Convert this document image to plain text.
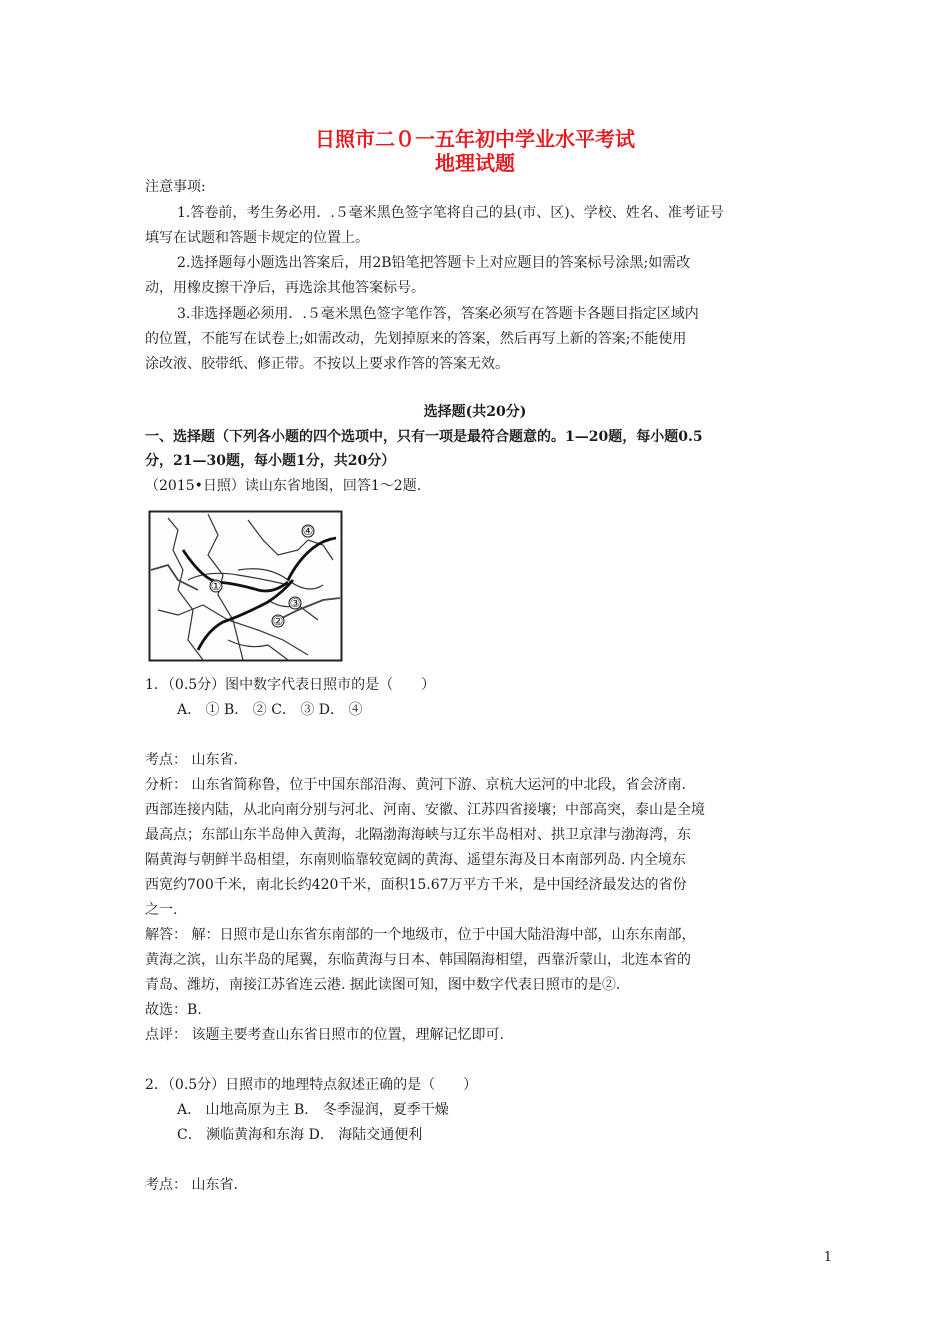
日照市二０一五年初中学业水平考试
地理试题
注意事项:
1.答卷前，考生务必用．.５毫米黑色签字笔将自己的县(市、区)、学校、姓名、准考证号
填写在试题和答题卡规定的位置上。
2.选择题每小题选出答案后，用2B铅笔把答题卡上对应题目的答案标号涂黑;如需改
动，用橡皮擦干净后，再选涂其他答案标号。
3.非选择题必须用．.５毫米黑色签字笔作答，答案必须写在答题卡各题目指定区域内
的位置，不能写在试卷上;如需改动，先划掉原来的答案，然后再写上新的答案;不能使用
涂改液、胶带纸、修正带。不按以上要求作答的答案无效。
选择题(共20分)
一、选择题（下列各小题的四个选项中，只有一项是最符合题意的。1—20题，每小题0.5
分，21—30题，每小题1分，共20分）
（2015•日照）读山东省地图，回答1～2题.
①
②
③
④
1．（0.5分）图中数字代表日照市的是（　　）
A． ① B． ② C． ③ D． ④
考点： 山东省.
分析： 山东省简称鲁，位于中国东部沿海、黄河下游、京杭大运河的中北段，省会济南.
西部连接内陆，从北向南分别与河北、河南、安徽、江苏四省接壤；中部高突，泰山是全境
最高点；东部山东半岛伸入黄海，北隔渤海海峡与辽东半岛相对、拱卫京津与渤海湾，东
隔黄海与朝鲜半岛相望，东南则临靠较宽阔的黄海、遥望东海及日本南部列岛. 内全境东
西宽约700千米，南北长约420千米，面积15.67万平方千米，是中国经济最发达的省份
之一.
解答： 解：日照市是山东省东南部的一个地级市，位于中国大陆沿海中部，山东东南部，
黄海之滨，山东半岛的尾翼，东临黄海与日本、韩国隔海相望，西靠沂蒙山，北连本省的
青岛、潍坊，南接江苏省连云港. 据此读图可知，图中数字代表日照市的是②.
故选：B.
点评： 该题主要考查山东省日照市的位置，理解记忆即可.
2．（0.5分）日照市的地理特点叙述正确的是（　　）
A． 山地高原为主 B． 冬季湿润，夏季干燥
C． 濒临黄海和东海 D． 海陆交通便利
考点： 山东省.
1
